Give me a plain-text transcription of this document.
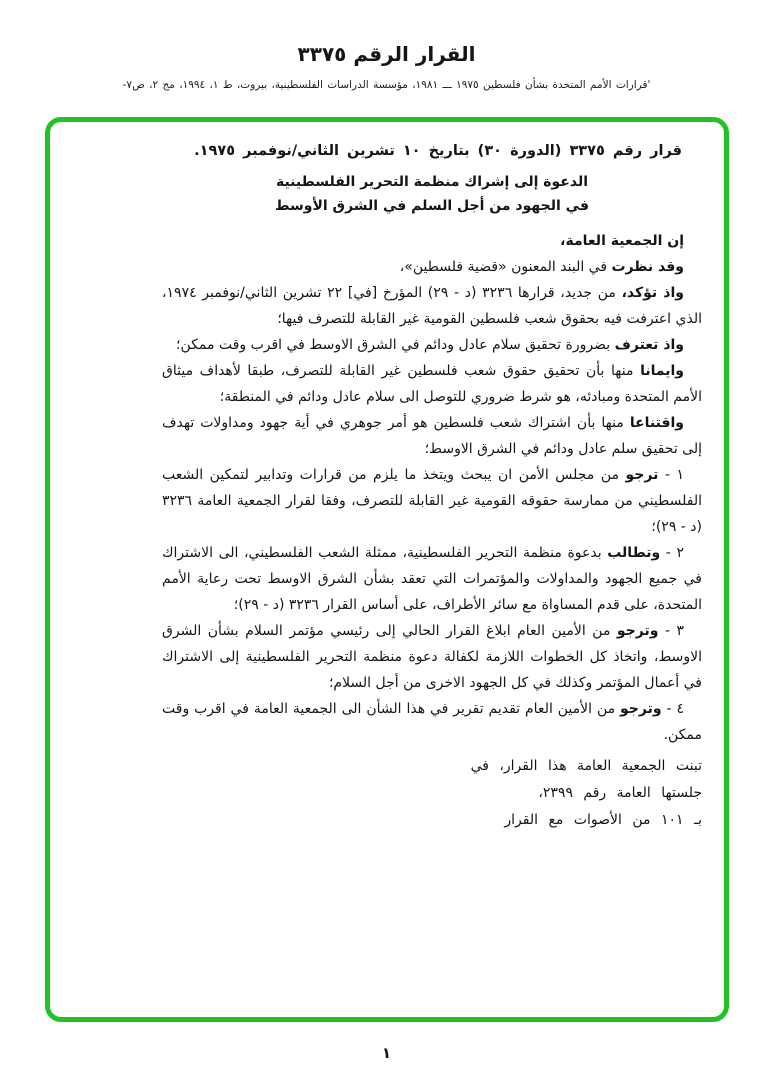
القرار الرقم ٣٣٧٥
'قرارات الأمم المتحدة بشأن فلسطين ١٩٧٥ ـــ ١٩٨١، مؤسسة الدراسات الفلسطينية، بيروت، ط ١، ١٩٩٤، مج ٢، ص٧-

قرار رقم ٣٣٧٥ (الدورة ٣٠) بتاريخ ١٠ تشرين الثاني/نوفمبر ١٩٧٥.

الدعوة إلى إشراك منظمة التحرير الفلسطينية
في الجهود من أجل السلم في الشرق الأوسط

إن الجمعية العامة،

وقد نظرت في البند المعنون «قضية فلسطين»،

واذ تؤكد، من جديد، قرارها ٣٢٣٦ (د - ٢٩) المؤرخ [في] ٢٢ تشرين الثاني/نوفمبر ١٩٧٤، الذي اعترفت فيه بحقوق شعب فلسطين القومية غير القابلة للتصرف فيها؛

واذ تعترف بضرورة تحقيق سلام عادل ودائم في الشرق الاوسط في اقرب وقت ممكن؛

وايمانا منها بأن تحقيق حقوق شعب فلسطين غير القابلة للتصرف، طبقا لأهداف ميثاق الأمم المتحدة ومبادئه، هو شرط ضروري للتوصل الى سلام عادل ودائم في المنطقة؛

واقتناعا منها بأن اشتراك شعب فلسطين هو أمر جوهري في أية جهود ومداولات تهدف إلى تحقيق سلم عادل ودائم في الشرق الاوسط؛

١ - ترجو من مجلس الأمن ان يبحث ويتخذ ما يلزم من قرارات وتدابير لتمكين الشعب الفلسطيني من ممارسة حقوقه القومية غير القابلة للتصرف، وفقا لقرار الجمعية العامة ٣٢٣٦ (د - ٢٩)؛

٢ - وتطالب بدعوة منظمة التحرير الفلسطينية، ممثلة الشعب الفلسطيني، الى الاشتراك في جميع الجهود والمداولات والمؤتمرات التي تعقد بشأن الشرق الاوسط تحت رعاية الأمم المتحدة، على قدم المساواة مع سائر الأطراف، على أساس القرار ٣٢٣٦ (د - ٢٩)؛

٣ - وترجو من الأمين العام ابلاغ القرار الحالي إلى رئيسي مؤتمر السلام بشأن الشرق الاوسط، واتخاذ كل الخطوات اللازمة لكفالة دعوة منظمة التحرير الفلسطينية إلى الاشتراك في أعمال المؤتمر وكذلك في كل الجهود الاخرى من أجل السلام؛

٤ - وترجو من الأمين العام تقديم تقرير في هذا الشأن الى الجمعية العامة في اقرب وقت ممكن.

تبنت الجمعية العامة هذا القرار، في
جلستها العامة رقم ٢٣٩٩،
بـ ١٠١ من الأصوات مع القرار
١
